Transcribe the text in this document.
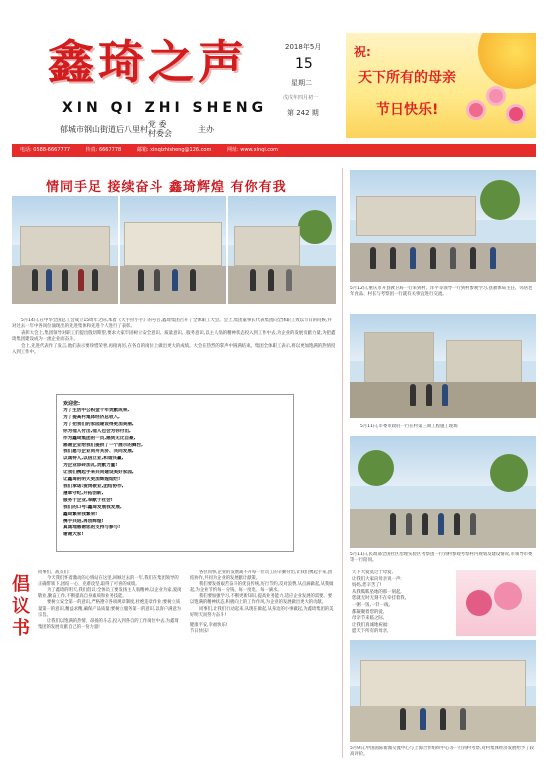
鑫琦之声
XIN QI ZHI SHENG
郁城市钢山街道后八里村
党 委
村委会	主办
2018年5月
15
星期二
戊戌年四月初一
第 242 期
祝:
天下所有的母亲
节日快乐!
电话: 0588-6667777	传真: 6667778	邮箱: xinqizhisheng@126.com	网址: www.xinqi.com
情同手足 接续奋斗 鑫琦辉煌 有你有我
5月12日,重庆市开县教卫局一行来到村、洋平等领导一行到村参观学习,县教体局主任、邻居老年食品、村长与考察团一行就有关事宜进行交流。
5月11日,市委市政府一行在村第三期工程施工现场
5月11日,民政部全国社区治理实验区考察团一行到村参观考察村内规划及建设情况,市领导市委等一行陪同。
天下大爱莫过于母爱,
让我们大家向母亲说一声:
妈妈,您辛苦了!
从我呱呱坠地的那一刻起,
您就无时无刻不在牵挂着我,
一粥一饭,一针一线,
都凝聚着您的爱,
母亲节来临之际,
让我们真诚地祝福:
愿天下所有的母亲,
5月9日,中国国际新闻交流中心与上海合作组织中心等一行到村考察,对村集体经济发展给予了较高评价。

5月14日,在中华全国总工会成立15周年之际,本着《大手拉小手》的号召,鑫琦集团召开了全体职工大会。会上,集团董事长代表集团向全体职工致以节日的问候,并对过去一年中各岗位涌现出的先进集体和先进个人进行了表彰。

表彰大会上,集团领导对职工们提出殷切期望,要求大家牢固树立安全意识、质量意识、服务意识,以主人翁的精神状态投入到工作中去,为企业的发展贡献力量,为把鑫琦集团建设成为一流企业而奋斗。

会上,先进代表作了发言,他们表示要珍惜荣誉,再接再厉,在各自的岗位上做出更大的成绩。大会在热烈的掌声中圆满结束。集团全体职工表示,将以更加饱满的热情投入到工作中。

欢迎您:
为了生活中公积金十年贡献成果,
为了提高村集体经济总收入,
为了把我们的家园建设得更加美丽,
你为他人付出,他人也会为你付出,
作为鑫琦集团的一员,感到无比自豪,
感谢企业给我们提供了一个展示的舞台,
我们愿与企业同舟共济、共同发展,
以诚待人,以信立业,和谐共赢,
为企业添砖加瓦,贡献力量!
让我们携起手来共同建设美好家园,
让鑫琦的明天更加辉煌灿烂!
我们承诺:爱岗敬业,团结协作,
遵章守纪,开拓创新,
服务于企业,奉献于社会!
我们的口号:鑫琦发展我发展,
鑫琦繁荣我繁荣!
携手共进,再创辉煌!
真诚地感谢您的支持与参与!
谢谢大家!
倡议书

同事们、战友们:

今天我们怀着激动的心情站在这里,回顾过去的一年,我们在集团领导的正确带领下,团结一心、克难攻坚,取得了可喜的成绩。

为了鑫琦的明天,我们倡议:全体员工要发扬主人翁精神,以企业为家,爱岗敬业,勤奋工作,不断提高自身素质和业务技能。

要树立安全第一的意识,严格遵守各项规章制度,杜绝违章作业;要树立质量第一的意识,精益求精,确保产品质量;要树立服务第一的意识,以客户满意为宗旨。

让我们以饱满的热情、昂扬的斗志,投入到各自的工作岗位中去,为鑫琦集团的发展贡献自己的一份力量!

各位同事,企业的发展离不开每一位员工的辛勤付出,让我们携起手来,团结协作,共同为企业的发展献计献策。

我们要发扬艰苦奋斗的优良传统,厉行节约,反对浪费,从点滴做起,从我做起,为企业节约每一分钱、每一度电、每一滴水。

我们要加强学习,不断更新知识,提高业务能力,适应企业发展的需要。要以饱满的精神状态,积极向上的工作作风,为企业的发展做出更大的贡献。

同事们,让我们行动起来,从现在做起,从身边的小事做起,为鑫琦集团的美好明天而努力奋斗!

健康平安,幸福快乐!
节日快乐!
